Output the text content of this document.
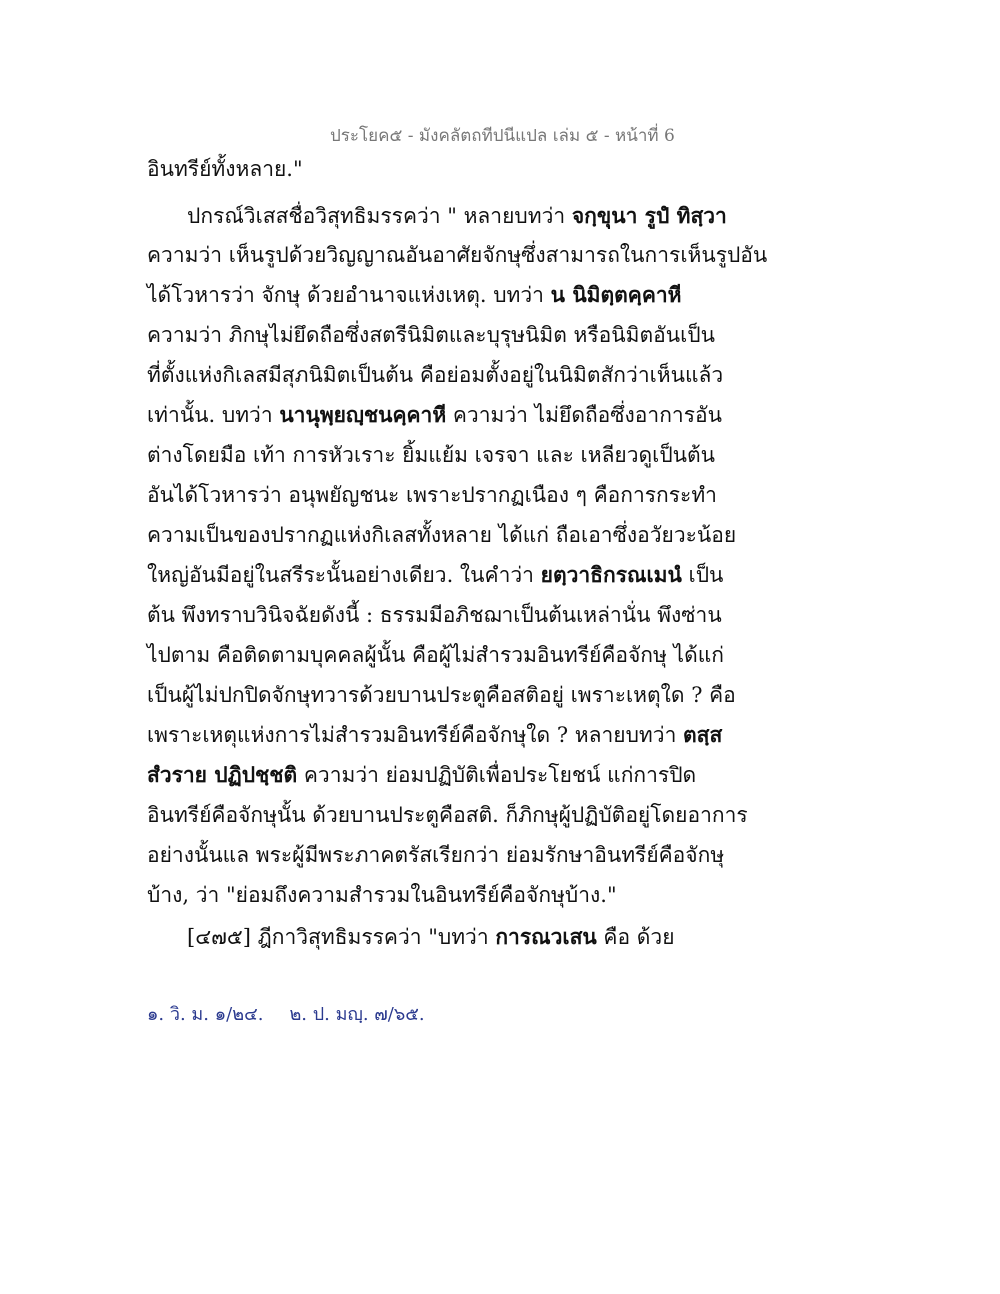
ประโยค๕ - มังคลัตถทีปนีแปล เล่ม ๕ - หน้าที่ 6
อินทรีย์ทั้งหลาย."
ปกรณ์วิเสสชื่อวิสุทธิมรรคว่า " หลายบทว่า จกฺขุนา รูปํ ทิสฺวา
ความว่า เห็นรูปด้วยวิญญาณอันอาศัยจักษุซึ่งสามารถในการเห็นรูปอัน
ได้โวหารว่า จักษุ ด้วยอำนาจแห่งเหตุ. บทว่า น นิมิตฺตคฺคาหี
ความว่า ภิกษุไม่ยึดถือซึ่งสตรีนิมิตและบุรุษนิมิต หรือนิมิตอันเป็น
ที่ตั้งแห่งกิเลสมีสุภนิมิตเป็นต้น คือย่อมตั้งอยู่ในนิมิตสักว่าเห็นแล้ว
เท่านั้น. บทว่า นานุพฺยญฺชนคฺคาหี ความว่า ไม่ยึดถือซึ่งอาการอัน
ต่างโดยมือ เท้า การหัวเราะ ยิ้มแย้ม เจรจา และ เหลียวดูเป็นต้น
อันได้โวหารว่า อนุพยัญชนะ เพราะปรากฏเนือง ๆ คือการกระทำ
ความเป็นของปรากฏแห่งกิเลสทั้งหลาย ได้แก่ ถือเอาซึ่งอวัยวะน้อย
ใหญ่อันมีอยู่ในสรีระนั้นอย่างเดียว. ในคำว่า ยตฺวาธิกรณเมนํ เป็น
ต้น พึงทราบวินิจฉัยดังนี้ : ธรรมมีอภิชฌาเป็นต้นเหล่านั่น พึงซ่าน
ไปตาม คือติดตามบุคคลผู้นั้น คือผู้ไม่สำรวมอินทรีย์คือจักษุ ได้แก่
เป็นผู้ไม่ปกปิดจักษุทวารด้วยบานประตูคือสติอยู่ เพราะเหตุใด ? คือ
เพราะเหตุแห่งการไม่สำรวมอินทรีย์คือจักษุใด ? หลายบทว่า ตสฺส
สํวราย ปฏิปชฺชติ ความว่า ย่อมปฏิบัติเพื่อประโยชน์ แก่การปิด
อินทรีย์คือจักษุนั้น ด้วยบานประตูคือสติ. ก็ภิกษุผู้ปฏิบัติอยู่โดยอาการ
อย่างนั้นแล พระผู้มีพระภาคตรัสเรียกว่า ย่อมรักษาอินทรีย์คือจักษุ
บ้าง, ว่า "ย่อมถึงความสำรวมในอินทรีย์คือจักษุบ้าง."
[๔๗๕] ฎีกาวิสุทธิมรรคว่า "บทว่า การณวเสน คือ ด้วย
๑. วิ. ม. ๑/๒๔. ๒. ป. มญฺ. ๗/๖๕.
